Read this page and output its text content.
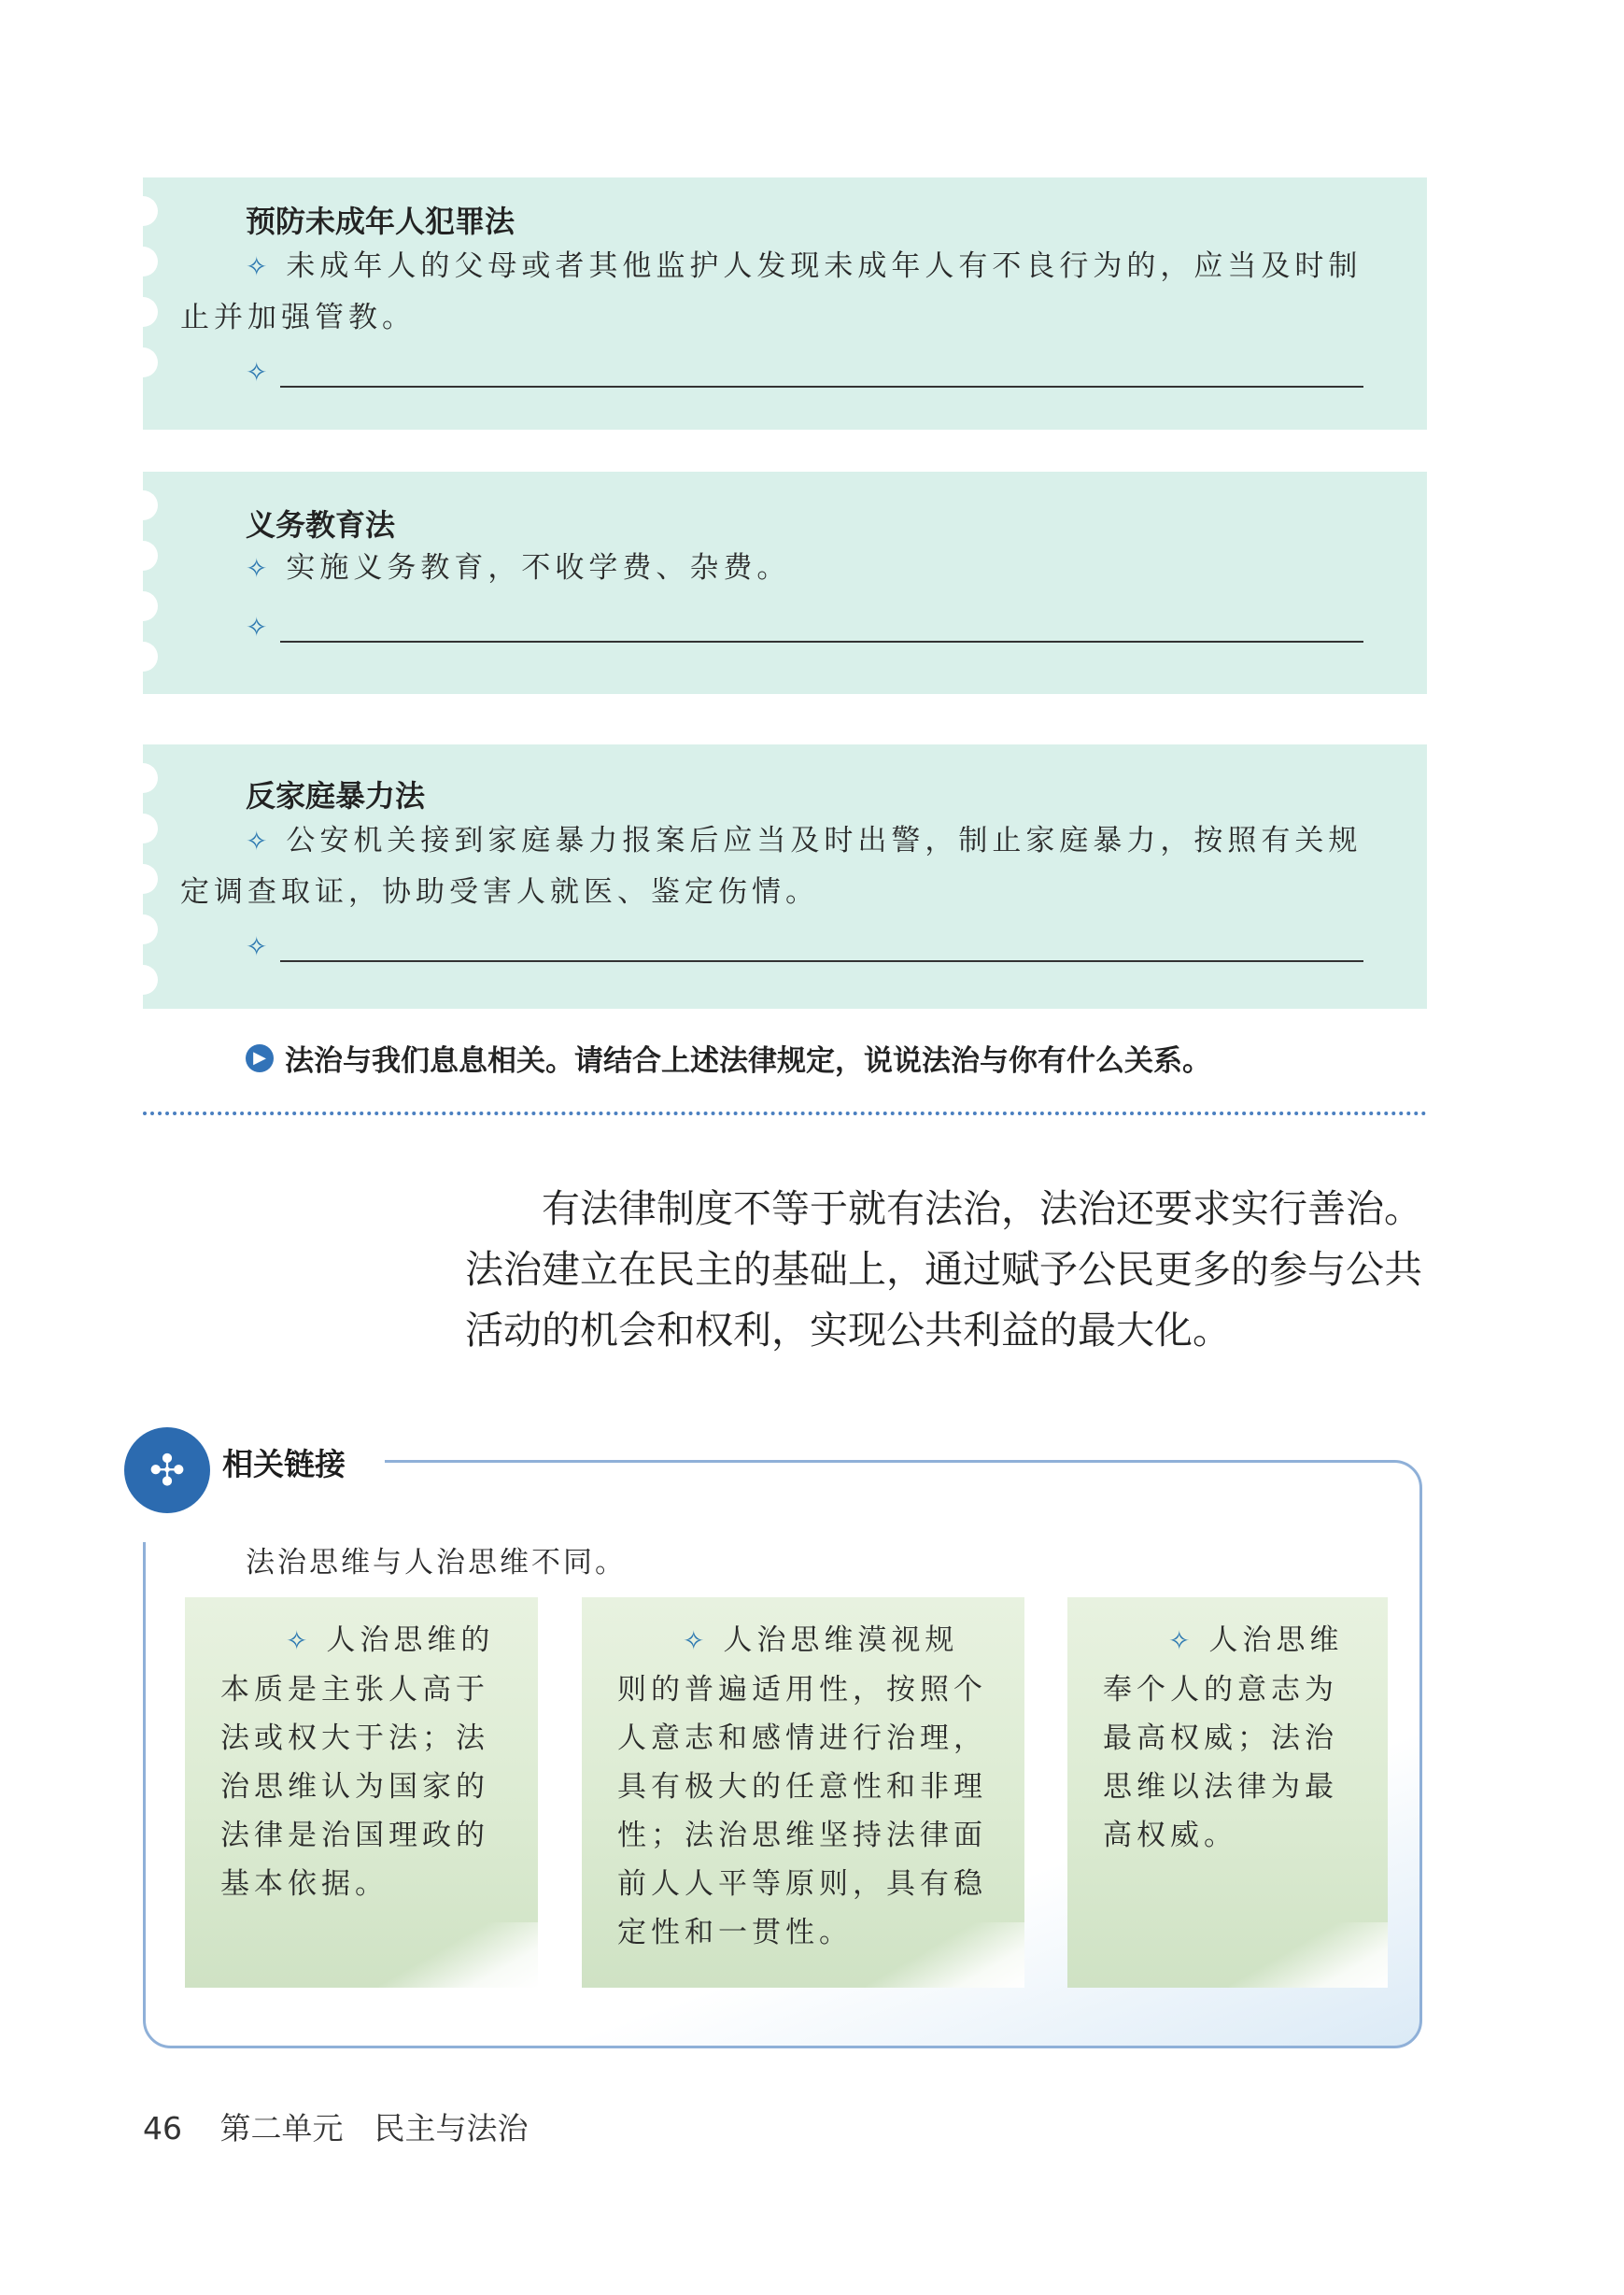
预防未成年人犯罪法
✧ 未成年人的父母或者其他监护人发现未成年人有不良行为的，应当及时制止并加强管教。
✧
义务教育法
✧ 实施义务教育，不收学费、杂费。
✧
反家庭暴力法
✧ 公安机关接到家庭暴力报案后应当及时出警，制止家庭暴力，按照有关规定调查取证，协助受害人就医、鉴定伤情。
✧
▶ 法治与我们息息相关。请结合上述法律规定，说说法治与你有什么关系。
有法律制度不等于就有法治，法治还要求实行善治。法治建立在民主的基础上，通过赋予公民更多的参与公共活动的机会和权利，实现公共利益的最大化。
✣	相关链接
法治思维与人治思维不同。
✧ 人治思维的本质是主张人高于法或权大于法；法治思维认为国家的法律是治国理政的基本依据。
✧ 人治思维漠视规则的普遍适用性，按照个人意志和感情进行治理，具有极大的任意性和非理性；法治思维坚持法律面前人人平等原则，具有稳定性和一贯性。
✧ 人治思维奉个人的意志为最高权威；法治思维以法律为最高权威。
46 第二单元　民主与法治
